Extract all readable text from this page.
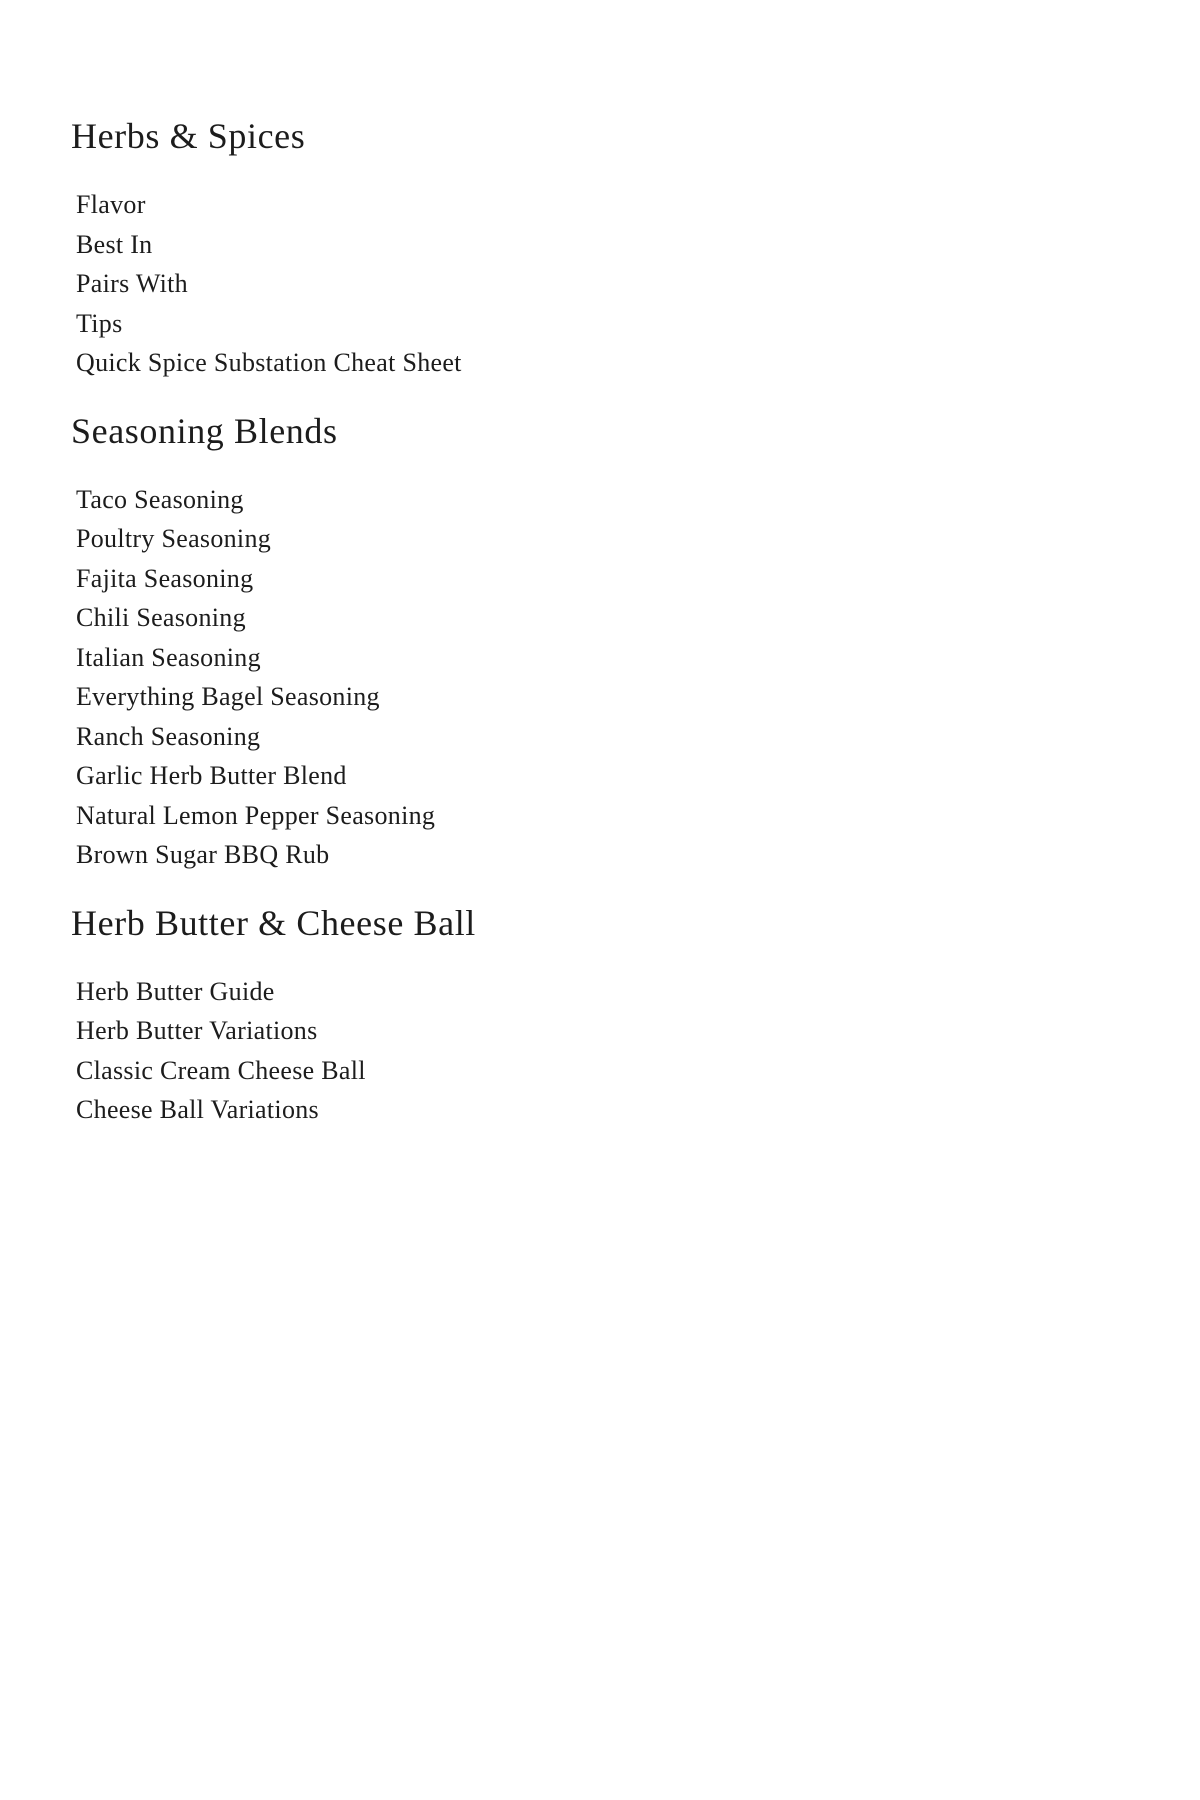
Herbs & Spices
Flavor
Best In
Pairs With
Tips
Quick Spice Substation Cheat Sheet
Seasoning Blends
Taco Seasoning
Poultry Seasoning
Fajita Seasoning
Chili Seasoning
Italian Seasoning
Everything Bagel Seasoning
Ranch Seasoning
Garlic Herb Butter Blend
Natural Lemon Pepper Seasoning
Brown Sugar BBQ Rub
Herb Butter & Cheese Ball
Herb Butter Guide
Herb Butter Variations
Classic Cream Cheese Ball
Cheese Ball Variations
